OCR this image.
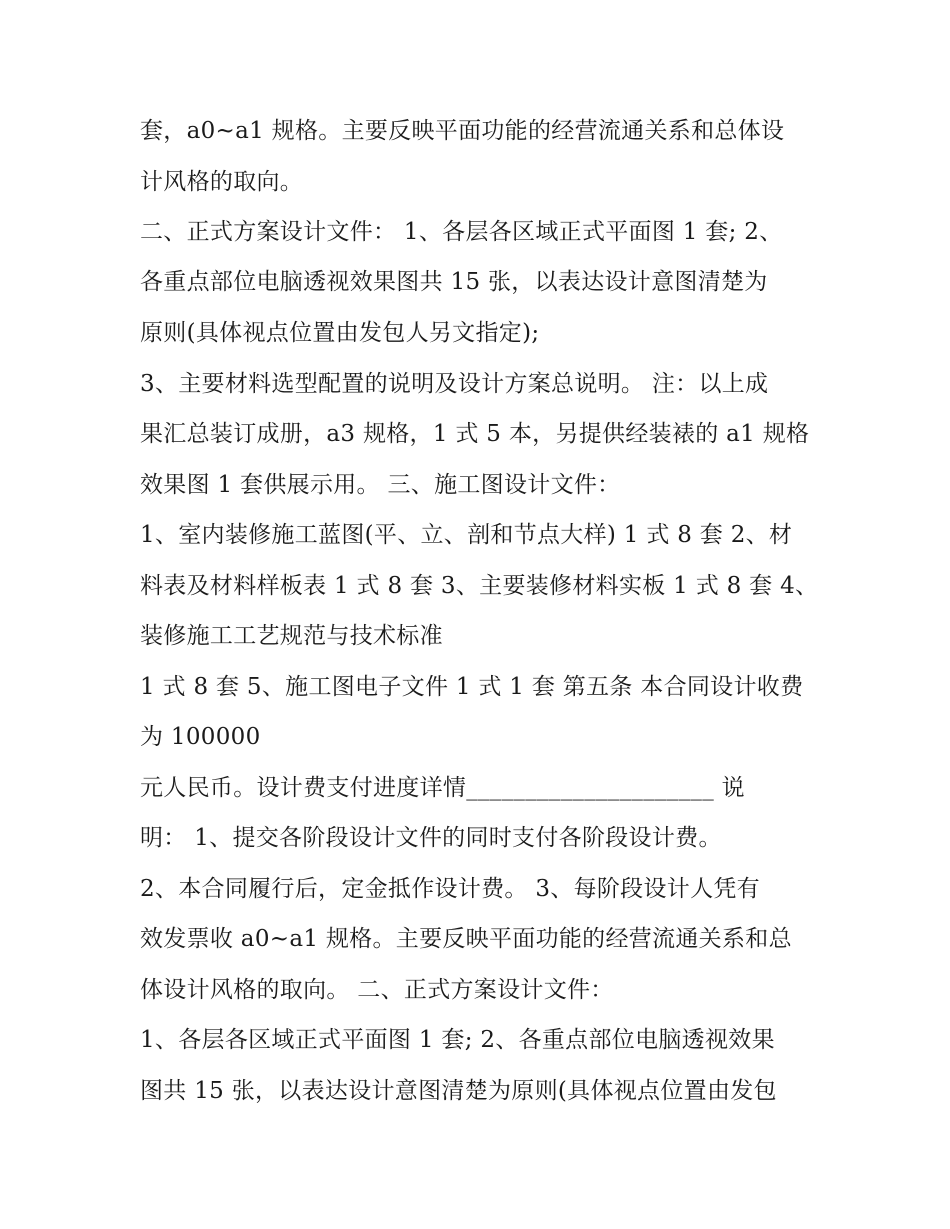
套，a0~a1 规格。主要反映平面功能的经营流通关系和总体设
计风格的取向。
二、正式方案设计文件： 1、各层各区域正式平面图 1 套; 2、
各重点部位电脑透视效果图共 15 张，以表达设计意图清楚为
原则(具体视点位置由发包人另文指定);
3、主要材料选型配置的说明及设计方案总说明。 注：以上成
果汇总装订成册，a3 规格，1 式 5 本，另提供经装裱的 a1 规格
效果图 1 套供展示用。 三、施工图设计文件：
1、室内装修施工蓝图(平、立、剖和节点大样) 1 式 8 套 2、材
料表及材料样板表 1 式 8 套 3、主要装修材料实板 1 式 8 套 4、
装修施工工艺规范与技术标准
1 式 8 套 5、施工图电子文件 1 式 1 套 第五条 本合同设计收费
为 100000
元人民币。设计费支付进度详情_____________________ 说
明： 1、提交各阶段设计文件的同时支付各阶段设计费。
2、本合同履行后，定金抵作设计费。 3、每阶段设计人凭有
效发票收 a0~a1 规格。主要反映平面功能的经营流通关系和总
体设计风格的取向。 二、正式方案设计文件：
1、各层各区域正式平面图 1 套; 2、各重点部位电脑透视效果
图共 15 张，以表达设计意图清楚为原则(具体视点位置由发包
